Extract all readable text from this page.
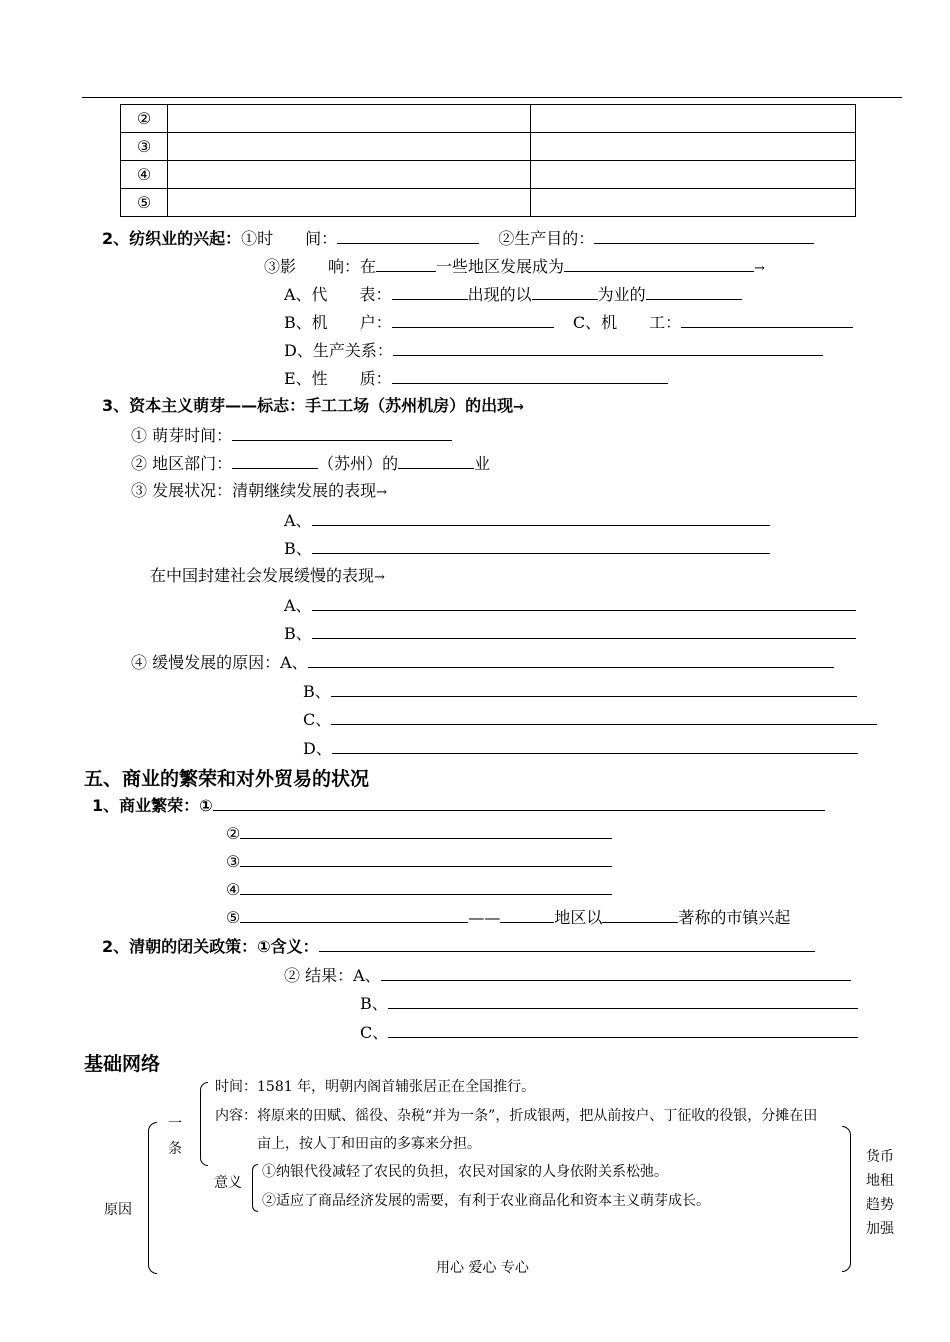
②		
③		
④		
⑤		
2、纺织业的兴起：①时　　间：	②生产目的：
③影　　响：在	一些地区发展成为	→
A、代　　表：	出现的以	为业的
B、机　　户：	C、机　　工：
D、生产关系：
E、性　　质：
3、资本主义萌芽——标志：手工工场（苏州机房）的出现→
① 萌芽时间：
② 地区部门：	（苏州）的	业
③ 发展状况：清朝继续发展的表现→
A、
B、
在中国封建社会发展缓慢的表现→
A、
B、
④ 缓慢发展的原因：A、
B、
C、
D、
五、商业的繁荣和对外贸易的状况
1、商业繁荣：①
②
③
④
⑤	——	地区以	著称的市镇兴起
2、清朝的闭关政策：①含义：
② 结果：A、
B、
C、
基础网络
原因
一
条
时间：1581 年，明朝内阁首辅张居正在全国推行。
内容：将原来的田赋、徭役、杂税“并为一条”，折成银两，把从前按户、丁征收的役银，分摊在田
亩上，按人丁和田亩的多寡来分担。
意义
①纳银代役减轻了农民的负担，农民对国家的人身依附关系松弛。
②适应了商品经济发展的需要，有利于农业商品化和资本主义萌芽成长。
货币
地租
趋势
加强
用心 爱心 专心
